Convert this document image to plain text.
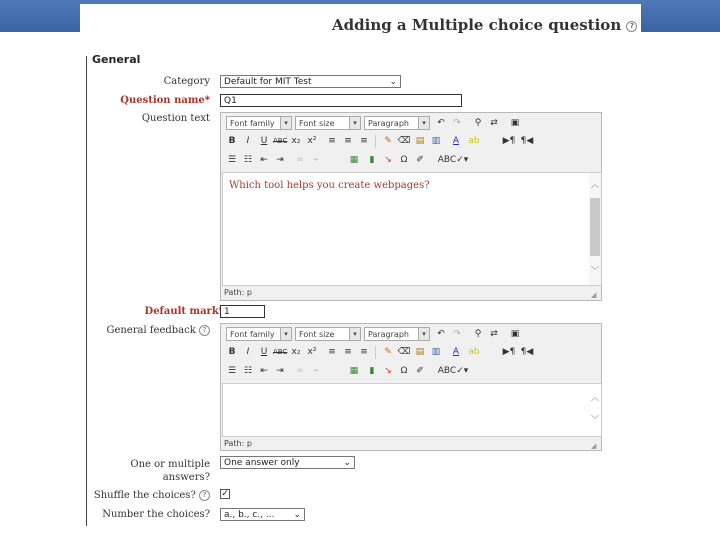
Adding a Multiple choice question ?
General
Category	Default for MIT Test	⌄
Question name*	Q1
Question text	Font family	▾	Font size	▾	Paragraph	▾	↶ ↷	⚲ ⇄	▣
B	I	U ABC x₂ x²	≡ ≡ ≡	✎ ⌫ ▤ ▥	A	ab	▶¶ ¶◀
☰ ☷ ⇤ ⇥	∞	⌁	▦	▮	↘ Ω ✐	ABC✓▾
Which tool helps you create webpages?	︿
﹀
Path: p	◢
Default mark 1
General feedback ?	Font family	▾	Font size	▾	Paragraph	▾	↶ ↷	⚲ ⇄	▣
B	I	U ABC x₂ x²	≡ ≡ ≡	✎ ⌫ ▤ ▥	A	ab	▶¶ ¶◀
☰ ☷ ⇤ ⇥	∞	⌁	▦	▮	↘ Ω ✐	ABC✓▾
︿
﹀
Path: p	◢
One or multiple
answers?
One answer only	⌄
Shuffle the choices? ?	✓
Number the choices?	a., b., c., ... ⌄
